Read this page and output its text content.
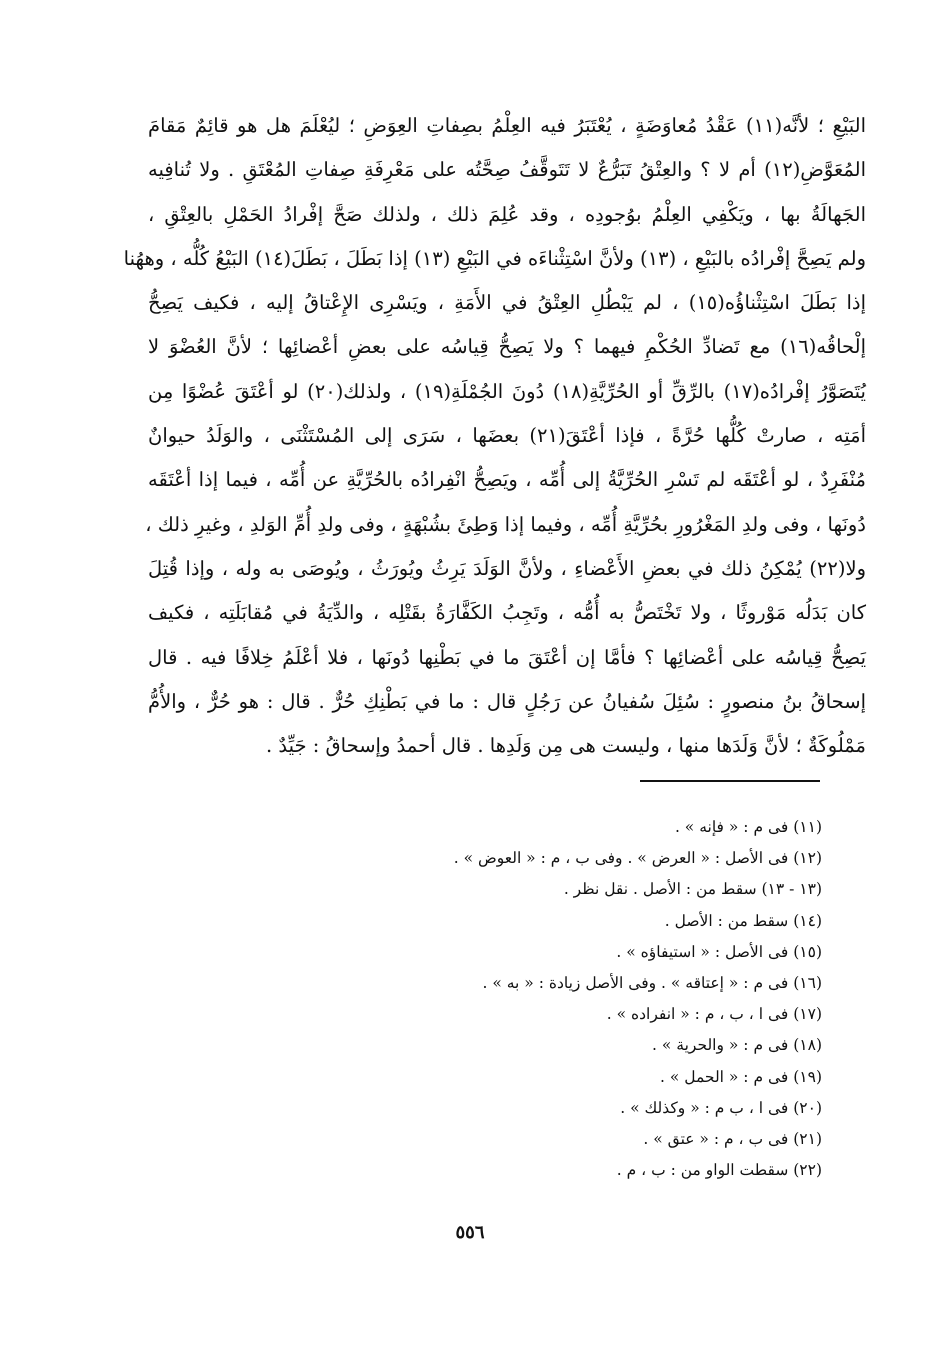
البَيْعِ ؛ لأنَّه(١١) عَقْدُ مُعاوَضَةٍ ، يُعْتَبَرُ فيه العِلْمُ بصِفاتِ العِوَضِ ؛ ليُعْلَمَ هل هو قائِمٌ مَقامَ
المُعَوَّضِ(١٢) أم لا ؟ والعِتْقُ تَبَرُّعٌ لا تَتَوقَّفُ صِحَّتُه على مَعْرِفَةِ صِفاتِ المُعْتَقِ . ولا تُنافِيه
الجَهالَةُ بها ، ويَكْفِي العِلْمُ بوُجودِه ، وقد عُلِمَ ذلك ، ولذلك صَحَّ إفْرادُ الحَمْلِ بالعِتْقِ ،
ولم يَصِحَّ إفْرادُه بالبَيْعِ ، (١٣) ولأنَّ اسْتِثْناءَه في البَيْعِ (١٣) إذا بَطَلَ ، بَطَلَ(١٤) البَيْعُ كُلُّه ، وههُنا
إذا بَطَلَ اسْتِثْناؤُه(١٥) ، لم يَبْطُلِ العِتْقُ في الأَمَةِ ، ويَسْرِى الإِعْتاقُ إليه ، فكيف يَصِحُّ
إلْحاقُه(١٦) مع تَضادِّ الحُكْمِ فيهما ؟ ولا يَصِحُّ قِياسُه على بعضِ أعْضائِها ؛ لأنَّ العُضْوَ لا
يُتَصَوَّرُ إفْرادُه(١٧) بالرِّقِّ أو الحُرِّيَّةِ(١٨) دُونَ الجُمْلَةِ(١٩) ، ولذلك(٢٠) لو أعْتَقَ عُضْوًا مِن
أمَتِه ، صارتْ كُلُّها حُرَّةً ، فإذا أعْتَقَ(٢١) بعضَها ، سَرَى إلى المُسْتَثْنَى ، والوَلَدُ حيوانٌ
مُنْفَرِدٌ ، لو أعْتَقَه لم تَسْرِ الحُرِّيَّةُ إلى أُمِّه ، ويَصِحُّ انْفِرادُه بالحُرِّيَّةِ عن أُمِّه ، فيما إذا أعْتَقَه
دُونَها ، وفى ولدِ المَغْرُورِ بحُرِّيَّةِ أُمِّه ، وفيما إذا وَطِئَ بشُبْهَةٍ ، وفى ولدِ أُمِّ الوَلدِ ، وغيرِ ذلك ،
ولا(٢٢) يُمْكِنُ ذلك في بعضِ الأَعْضاءِ ، ولأنَّ الوَلَدَ يَرِثُ ويُورَثُ ، ويُوصَى به وله ، وإذا قُتِلَ
كان بَدَلُه مَوْروثًا ، ولا تَخْتَصُّ به أُمُّه ، وتَجِبُ الكَفَّارَةُ بقَتْلِه ، والدِّيَةُ في مُقابَلَتِه ، فكيف
يَصِحُّ قِياسُه على أعْضائِها ؟ فأمَّا إن أعْتَقَ ما في بَطْنِها دُونَها ، فلا أعْلَمُ خِلافًا فيه . قال
إسحاقُ بنُ منصورٍ : سُئِلَ سُفيانُ عن رَجُلٍ قال : ما في بَطْنِكِ حُرٌّ . قال : هو حُرٌّ ، والأُمُّ
مَمْلُوكَةٌ ؛ لأنَّ وَلَدَها منها ، وليست هى مِن وَلَدِها . قال أحمدُ وإسحاقُ : جَيِّدٌ .
(١١) فى م : « فإنه » .
(١٢) فى الأصل : « العرض » . وفى ب ، م : « العوض » .
(١٣ - ١٣) سقط من : الأصل . نقل نظر .
(١٤) سقط من : الأصل .
(١٥) فى الأصل : « استيفاؤه » .
(١٦) فى م : « إعتاقه » . وفى الأصل زيادة : « به » .
(١٧) فى ا ، ب ، م : « انفراده » .
(١٨) فى م : « والحرية » .
(١٩) فى م : « الحمل » .
(٢٠) فى ا ، ب م : « وكذلك » .
(٢١) فى ب ، م : « عتق » .
(٢٢) سقطت الواو من : ب ، م .
٥٥٦
